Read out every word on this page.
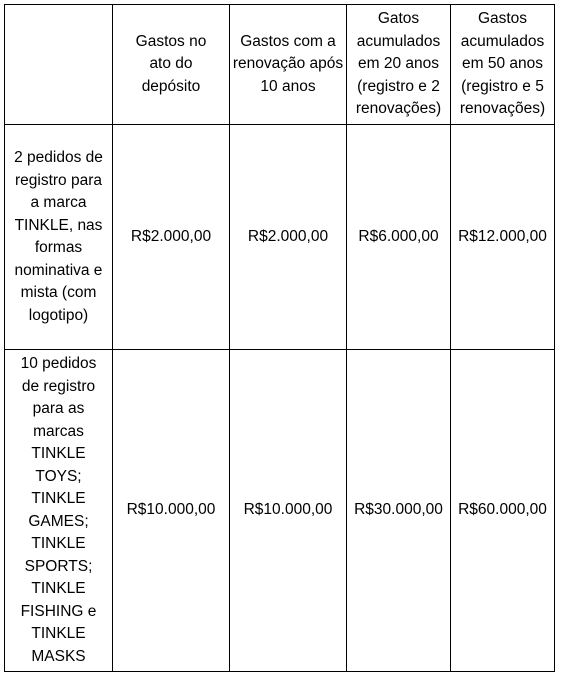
	Gastos no ato do depósito	Gastos com a renovação após 10 anos	Gatos acumulados em 20 anos (registro e 2 renovações)	Gastos acumulados em 50 anos (registro e 5 renovações)

2 pedidos de registro para a marca TINKLE, nas formas nominativa e mista (com logotipo)	R$2.000,00	R$2.000,00	R$6.000,00	R$12.000,00

10 pedidos de registro para as marcas TINKLE TOYS; TINKLE GAMES; TINKLE SPORTS; TINKLE FISHING e TINKLE MASKS	R$10.000,00	R$10.000,00	R$30.000,00	R$60.000,00
